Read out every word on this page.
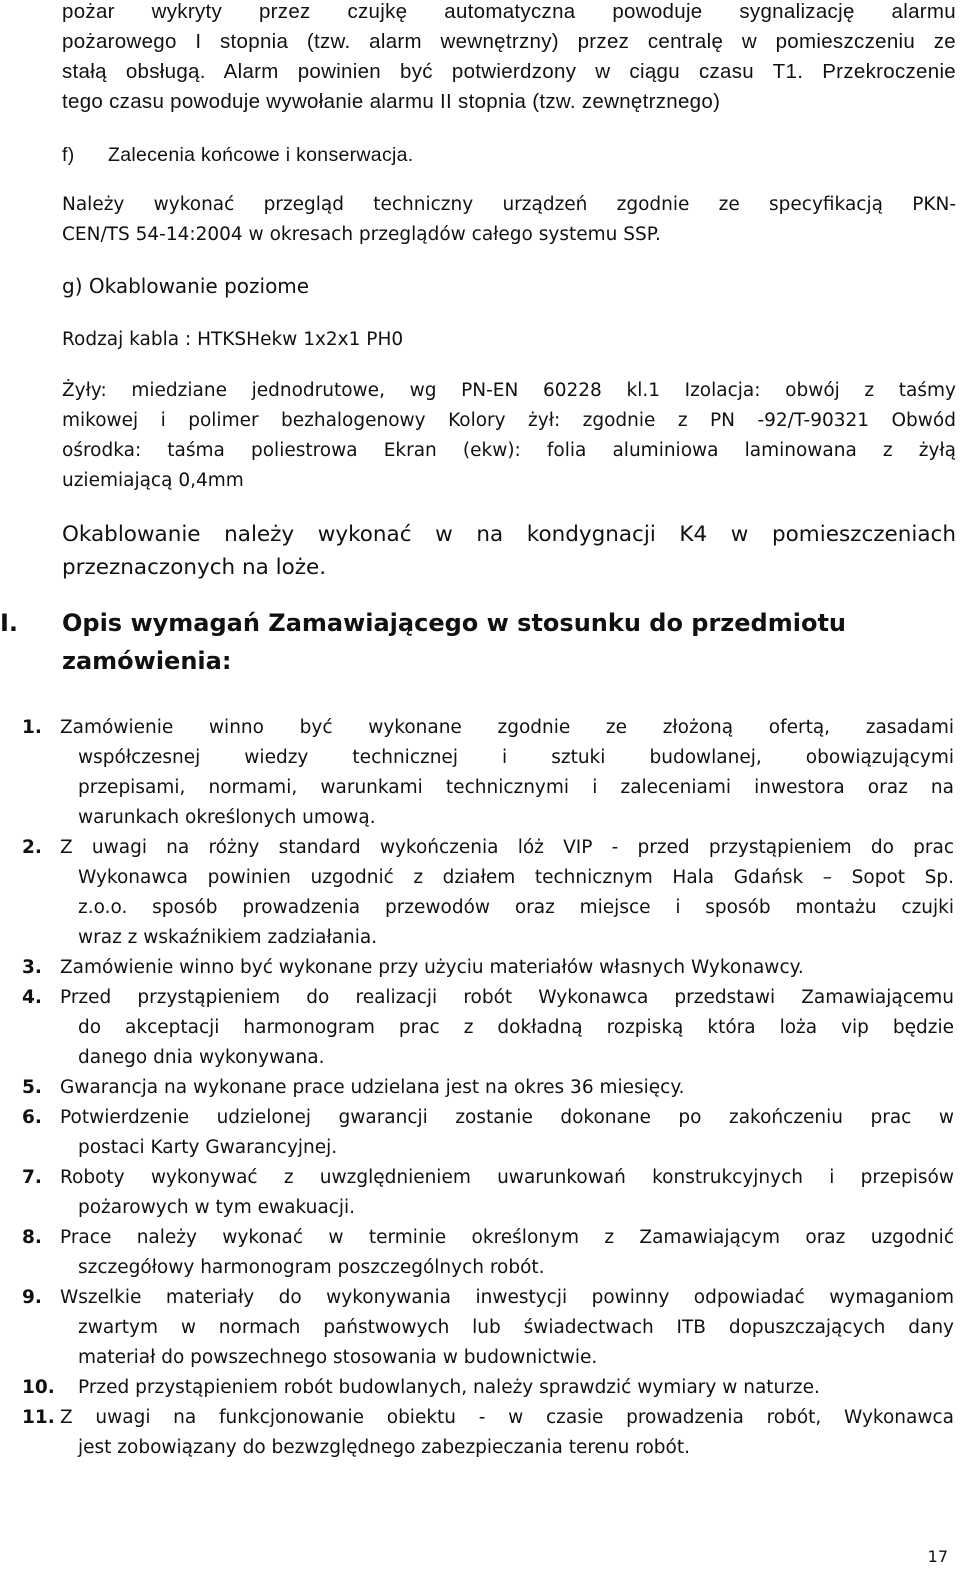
pożar wykryty przez czujkę automatyczna powoduje sygnalizację alarmu
pożarowego I stopnia (tzw. alarm wewnętrzny) przez centralę w pomieszczeniu ze
stałą obsługą. Alarm powinien być potwierdzony w ciągu czasu T1. Przekroczenie
tego czasu powoduje wywołanie alarmu II stopnia (tzw. zewnętrznego)
f) Zalecenia końcowe i konserwacja.
Należy wykonać przegląd techniczny urządzeń zgodnie ze specyfikacją PKN-
CEN/TS 54-14:2004 w okresach przeglądów całego systemu SSP.
g) Okablowanie poziome
Rodzaj kabla : HTKSHekw 1x2x1 PH0
Żyły: miedziane jednodrutowe, wg PN-EN 60228 kl.1 Izolacja: obwój z taśmy
mikowej i polimer bezhalogenowy Kolory żył: zgodnie z PN -92/T-90321 Obwód
ośrodka: taśma poliestrowa Ekran (ekw): folia aluminiowa laminowana z żyłą
uziemiającą 0,4mm
Okablowanie należy wykonać w na kondygnacji K4 w pomieszczeniach
przeznaczonych na loże.
I. Opis wymagań Zamawiającego w stosunku do przedmiotu
zamówienia:
1. Zamówienie winno być wykonane zgodnie ze złożoną ofertą, zasadami
współczesnej wiedzy technicznej i sztuki budowlanej, obowiązującymi
przepisami, normami, warunkami technicznymi i zaleceniami inwestora oraz na
warunkach określonych umową.
2. Z uwagi na różny standard wykończenia lóż VIP - przed przystąpieniem do prac
Wykonawca powinien uzgodnić z działem technicznym Hala Gdańsk – Sopot Sp.
z.o.o. sposób prowadzenia przewodów oraz miejsce i sposób montażu czujki
wraz z wskaźnikiem zadziałania.
3. Zamówienie winno być wykonane przy użyciu materiałów własnych Wykonawcy.
4. Przed przystąpieniem do realizacji robót Wykonawca przedstawi Zamawiającemu
do akceptacji harmonogram prac z dokładną rozpiską która loża vip będzie
danego dnia wykonywana.
5. Gwarancja na wykonane prace udzielana jest na okres 36 miesięcy.
6. Potwierdzenie udzielonej gwarancji zostanie dokonane po zakończeniu prac w
postaci Karty Gwarancyjnej.
7. Roboty wykonywać z uwzględnieniem uwarunkowań konstrukcyjnych i przepisów
pożarowych w tym ewakuacji.
8. Prace należy wykonać w terminie określonym z Zamawiającym oraz uzgodnić
szczegółowy harmonogram poszczególnych robót.
9. Wszelkie materiały do wykonywania inwestycji powinny odpowiadać wymaganiom
zwartym w normach państwowych lub świadectwach ITB dopuszczających dany
materiał do powszechnego stosowania w budownictwie.
10. Przed przystąpieniem robót budowlanych, należy sprawdzić wymiary w naturze.
11. Z uwagi na funkcjonowanie obiektu - w czasie prowadzenia robót, Wykonawca
jest zobowiązany do bezwzględnego zabezpieczania terenu robót.
17
